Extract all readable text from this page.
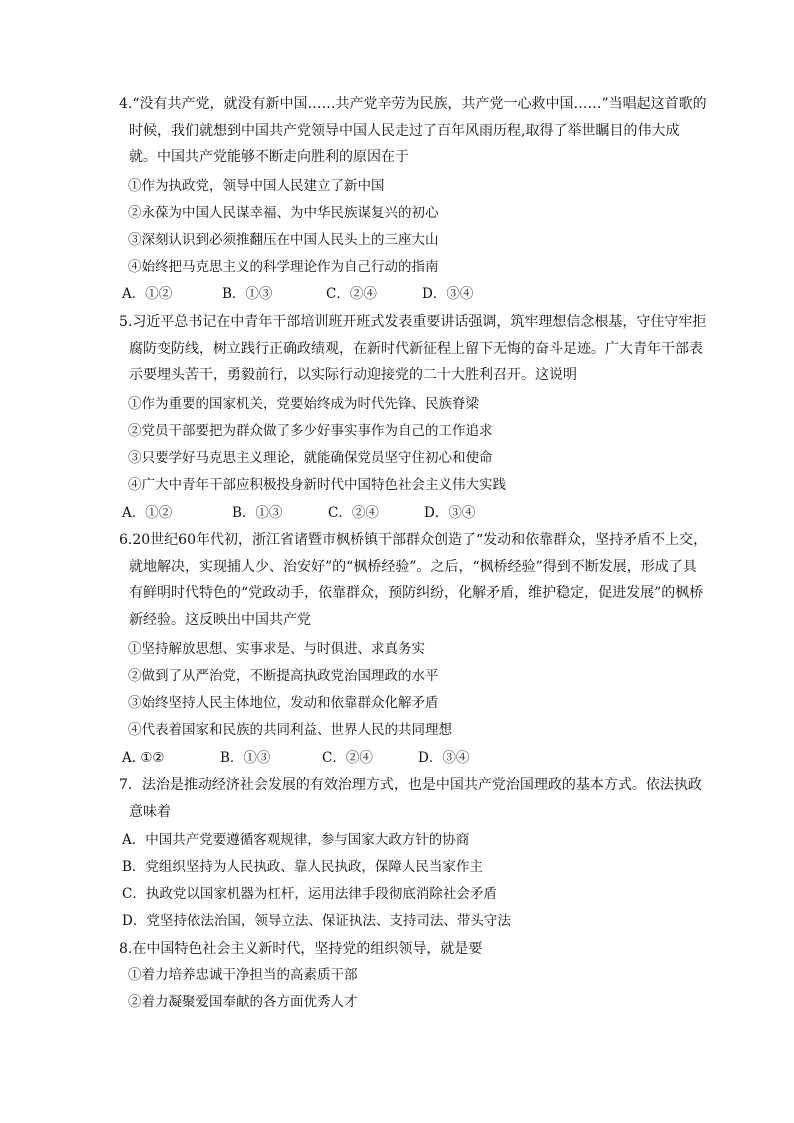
4.“没有共产党，就没有新中国……共产党辛劳为民族，共产党一心救中国……”当唱起这首歌的
时候，我们就想到中国共产党领导中国人民走过了百年风雨历程,取得了举世瞩目的伟大成
就。中国共产党能够不断走向胜利的原因在于
①作为执政党，领导中国人民建立了新中国
②永葆为中国人民谋幸福、为中华民族谋复兴的初心
③深刻认识到必须推翻压在中国人民头上的三座大山
④始终把马克思主义的科学理论作为自己行动的指南
A．①②	B．①③	C．②④	D．③④
5.习近平总书记在中青年干部培训班开班式发表重要讲话强调，筑牢理想信念根基，守住守牢拒
腐防变防线，树立践行正确政绩观，在新时代新征程上留下无悔的奋斗足迹。广大青年干部表
示要埋头苦干，勇毅前行，以实际行动迎接党的二十大胜利召开。这说明
①作为重要的国家机关，党要始终成为时代先锋、民族脊梁
②党员干部要把为群众做了多少好事实事作为自己的工作追求
③只要学好马克思主义理论，就能确保党员坚守住初心和使命
④广大中青年干部应积极投身新时代中国特色社会主义伟大实践
A．①②	B．①③	C．②④	D．③④
6.20世纪60年代初，浙江省诸暨市枫桥镇干部群众创造了“发动和依靠群众，坚持矛盾不上交，
就地解决，实现捕人少、治安好”的“枫桥经验”。之后，“枫桥经验”得到不断发展，形成了具
有鲜明时代特色的“党政动手，依靠群众，预防纠纷，化解矛盾，维护稳定，促进发展”的枫桥
新经验。这反映出中国共产党
①坚持解放思想、实事求是、与时俱进、求真务实
②做到了从严治党，不断提高执政党治国理政的水平
③始终坚持人民主体地位，发动和依靠群众化解矛盾
④代表着国家和民族的共同利益、世界人民的共同理想
A. ①②	B．①③	C．②④	D．③④
7．法治是推动经济社会发展的有效治理方式，也是中国共产党治国理政的基本方式。依法执政
意味着
A．中国共产党要遵循客观规律，参与国家大政方针的协商
B．党组织坚持为人民执政、靠人民执政，保障人民当家作主
C．执政党以国家机器为杠杆，运用法律手段彻底消除社会矛盾
D．党坚持依法治国，领导立法、保证执法、支持司法、带头守法
8.在中国特色社会主义新时代，坚持党的组织领导，就是要
①着力培养忠诚干净担当的高素质干部
②着力凝聚爱国奉献的各方面优秀人才
